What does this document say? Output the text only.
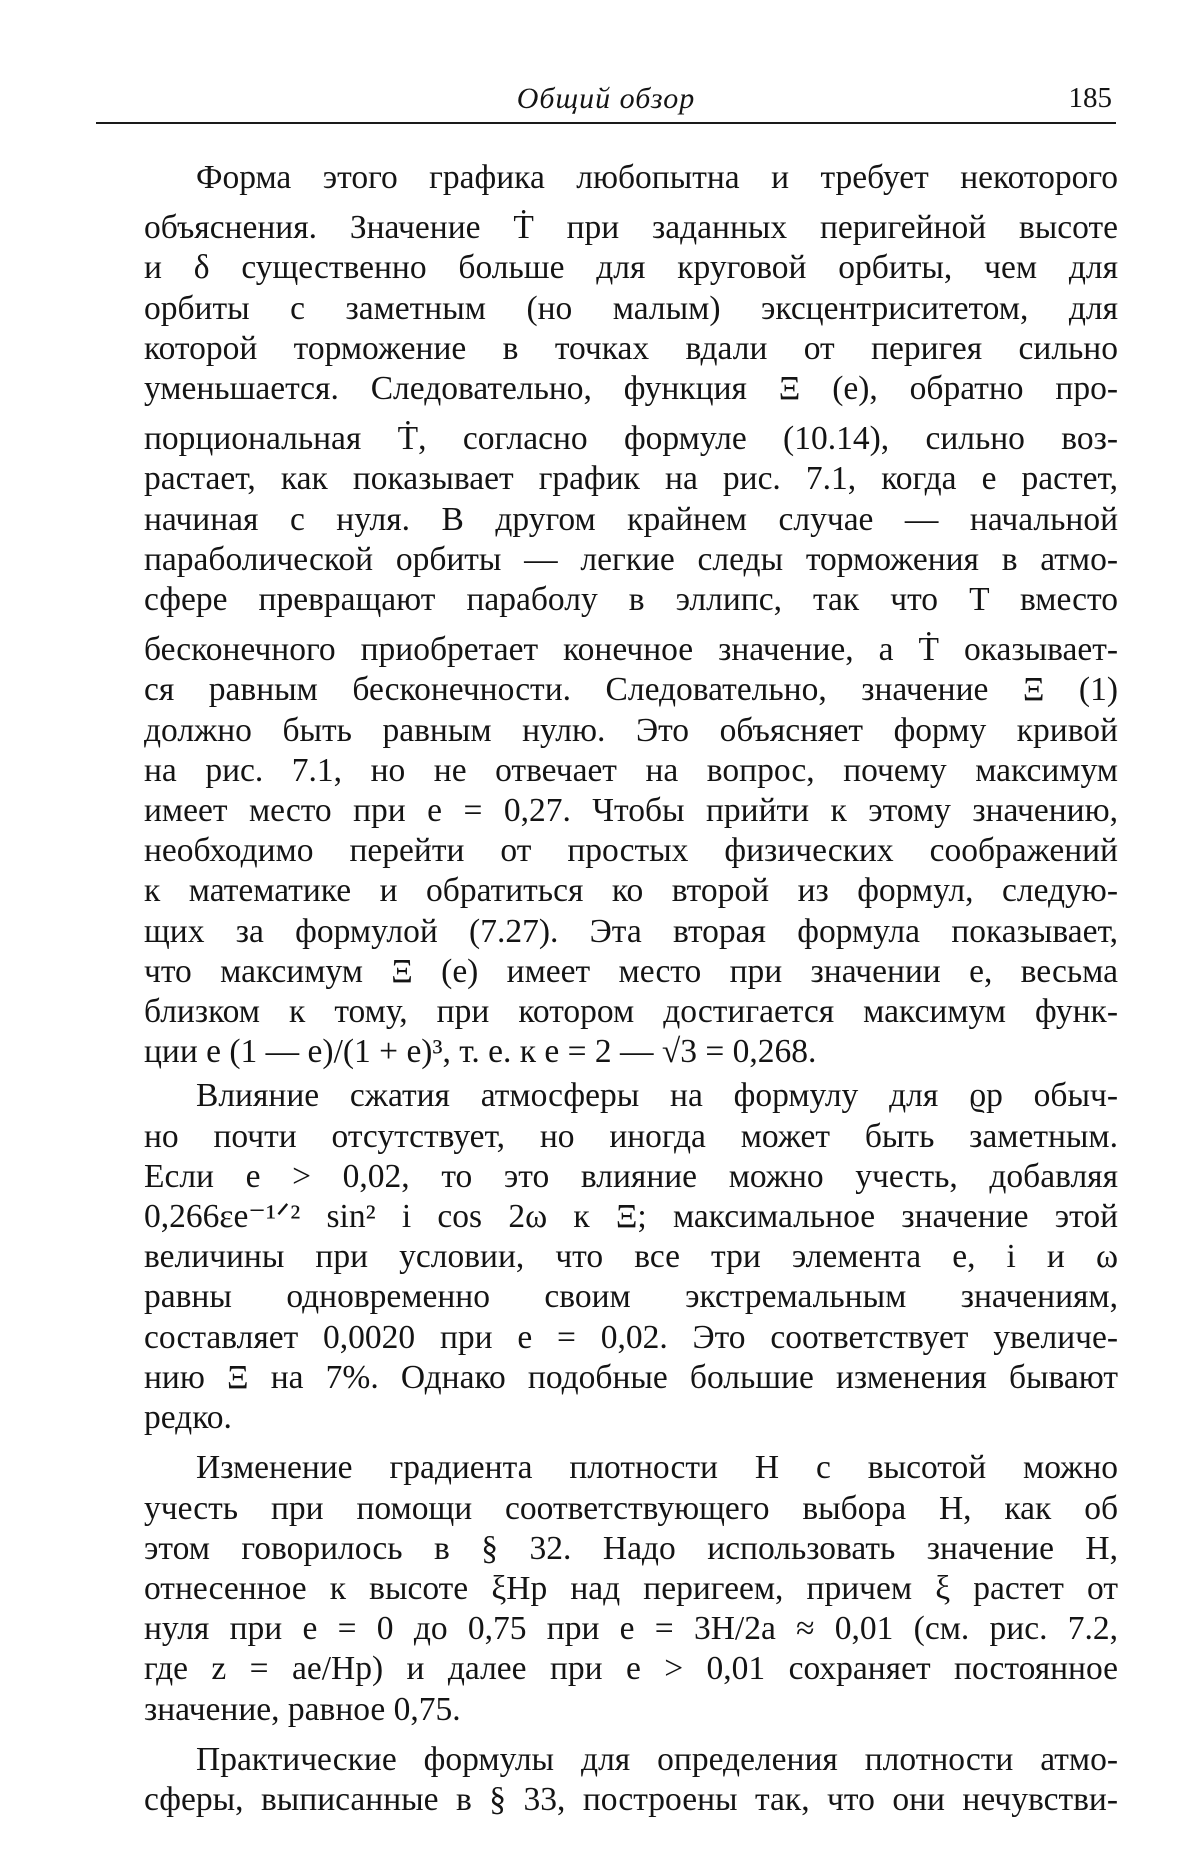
Общий обзор	185
Форма этого графика любопытна и требует некоторого
объяснения. Значение Ṫ при заданных перигейной высоте
и δ существенно больше для круговой орбиты, чем для
орбиты с заметным (но малым) эксцентриситетом, для
которой торможение в точках вдали от перигея сильно
уменьшается. Следовательно, функция Ξ (e), обратно про-
порциональная Ṫ, согласно формуле (10.14), сильно воз-
растает, как показывает график на рис. 7.1, когда e растет,
начиная с нуля. В другом крайнем случае — начальной
параболической орбиты — легкие следы торможения в атмо-
сфере превращают параболу в эллипс, так что T вместо
бесконечного приобретает конечное значение, а Ṫ оказывает-
ся равным бесконечности. Следовательно, значение Ξ (1)
должно быть равным нулю. Это объясняет форму кривой
на рис. 7.1, но не отвечает на вопрос, почему максимум
имеет место при e = 0,27. Чтобы прийти к этому значению,
необходимо перейти от простых физических соображений
к математике и обратиться ко второй из формул, следую-
щих за формулой (7.27). Эта вторая формула показывает,
что максимум Ξ (e) имеет место при значении e, весьма
близком к тому, при котором достигается максимум функ-
ции e (1 — e)/(1 + e)³, т. е. к e = 2 — √3 = 0,268.
Влияние сжатия атмосферы на формулу для ϱp обыч-
но почти отсутствует, но иногда может быть заметным.
Если e > 0,02, то это влияние можно учесть, добавляя
0,266εe⁻¹ᐟ² sin² i cos 2ω к Ξ; максимальное значение этой
величины при условии, что все три элемента e, i и ω
равны одновременно своим экстремальным значениям,
составляет 0,0020 при e = 0,02. Это соответствует увеличе-
нию Ξ на 7%. Однако подобные большие изменения бывают
редко.
Изменение градиента плотности H с высотой можно
учесть при помощи соответствующего выбора H, как об
этом говорилось в § 32. Надо использовать значение H,
отнесенное к высоте ξHp над перигеем, причем ξ растет от
нуля при e = 0 до 0,75 при e = 3H/2a ≈ 0,01 (см. рис. 7.2,
где z = ae/Hp) и далее при e > 0,01 сохраняет постоянное
значение, равное 0,75.
Практические формулы для определения плотности атмо-
сферы, выписанные в § 33, построены так, что они нечувстви-
